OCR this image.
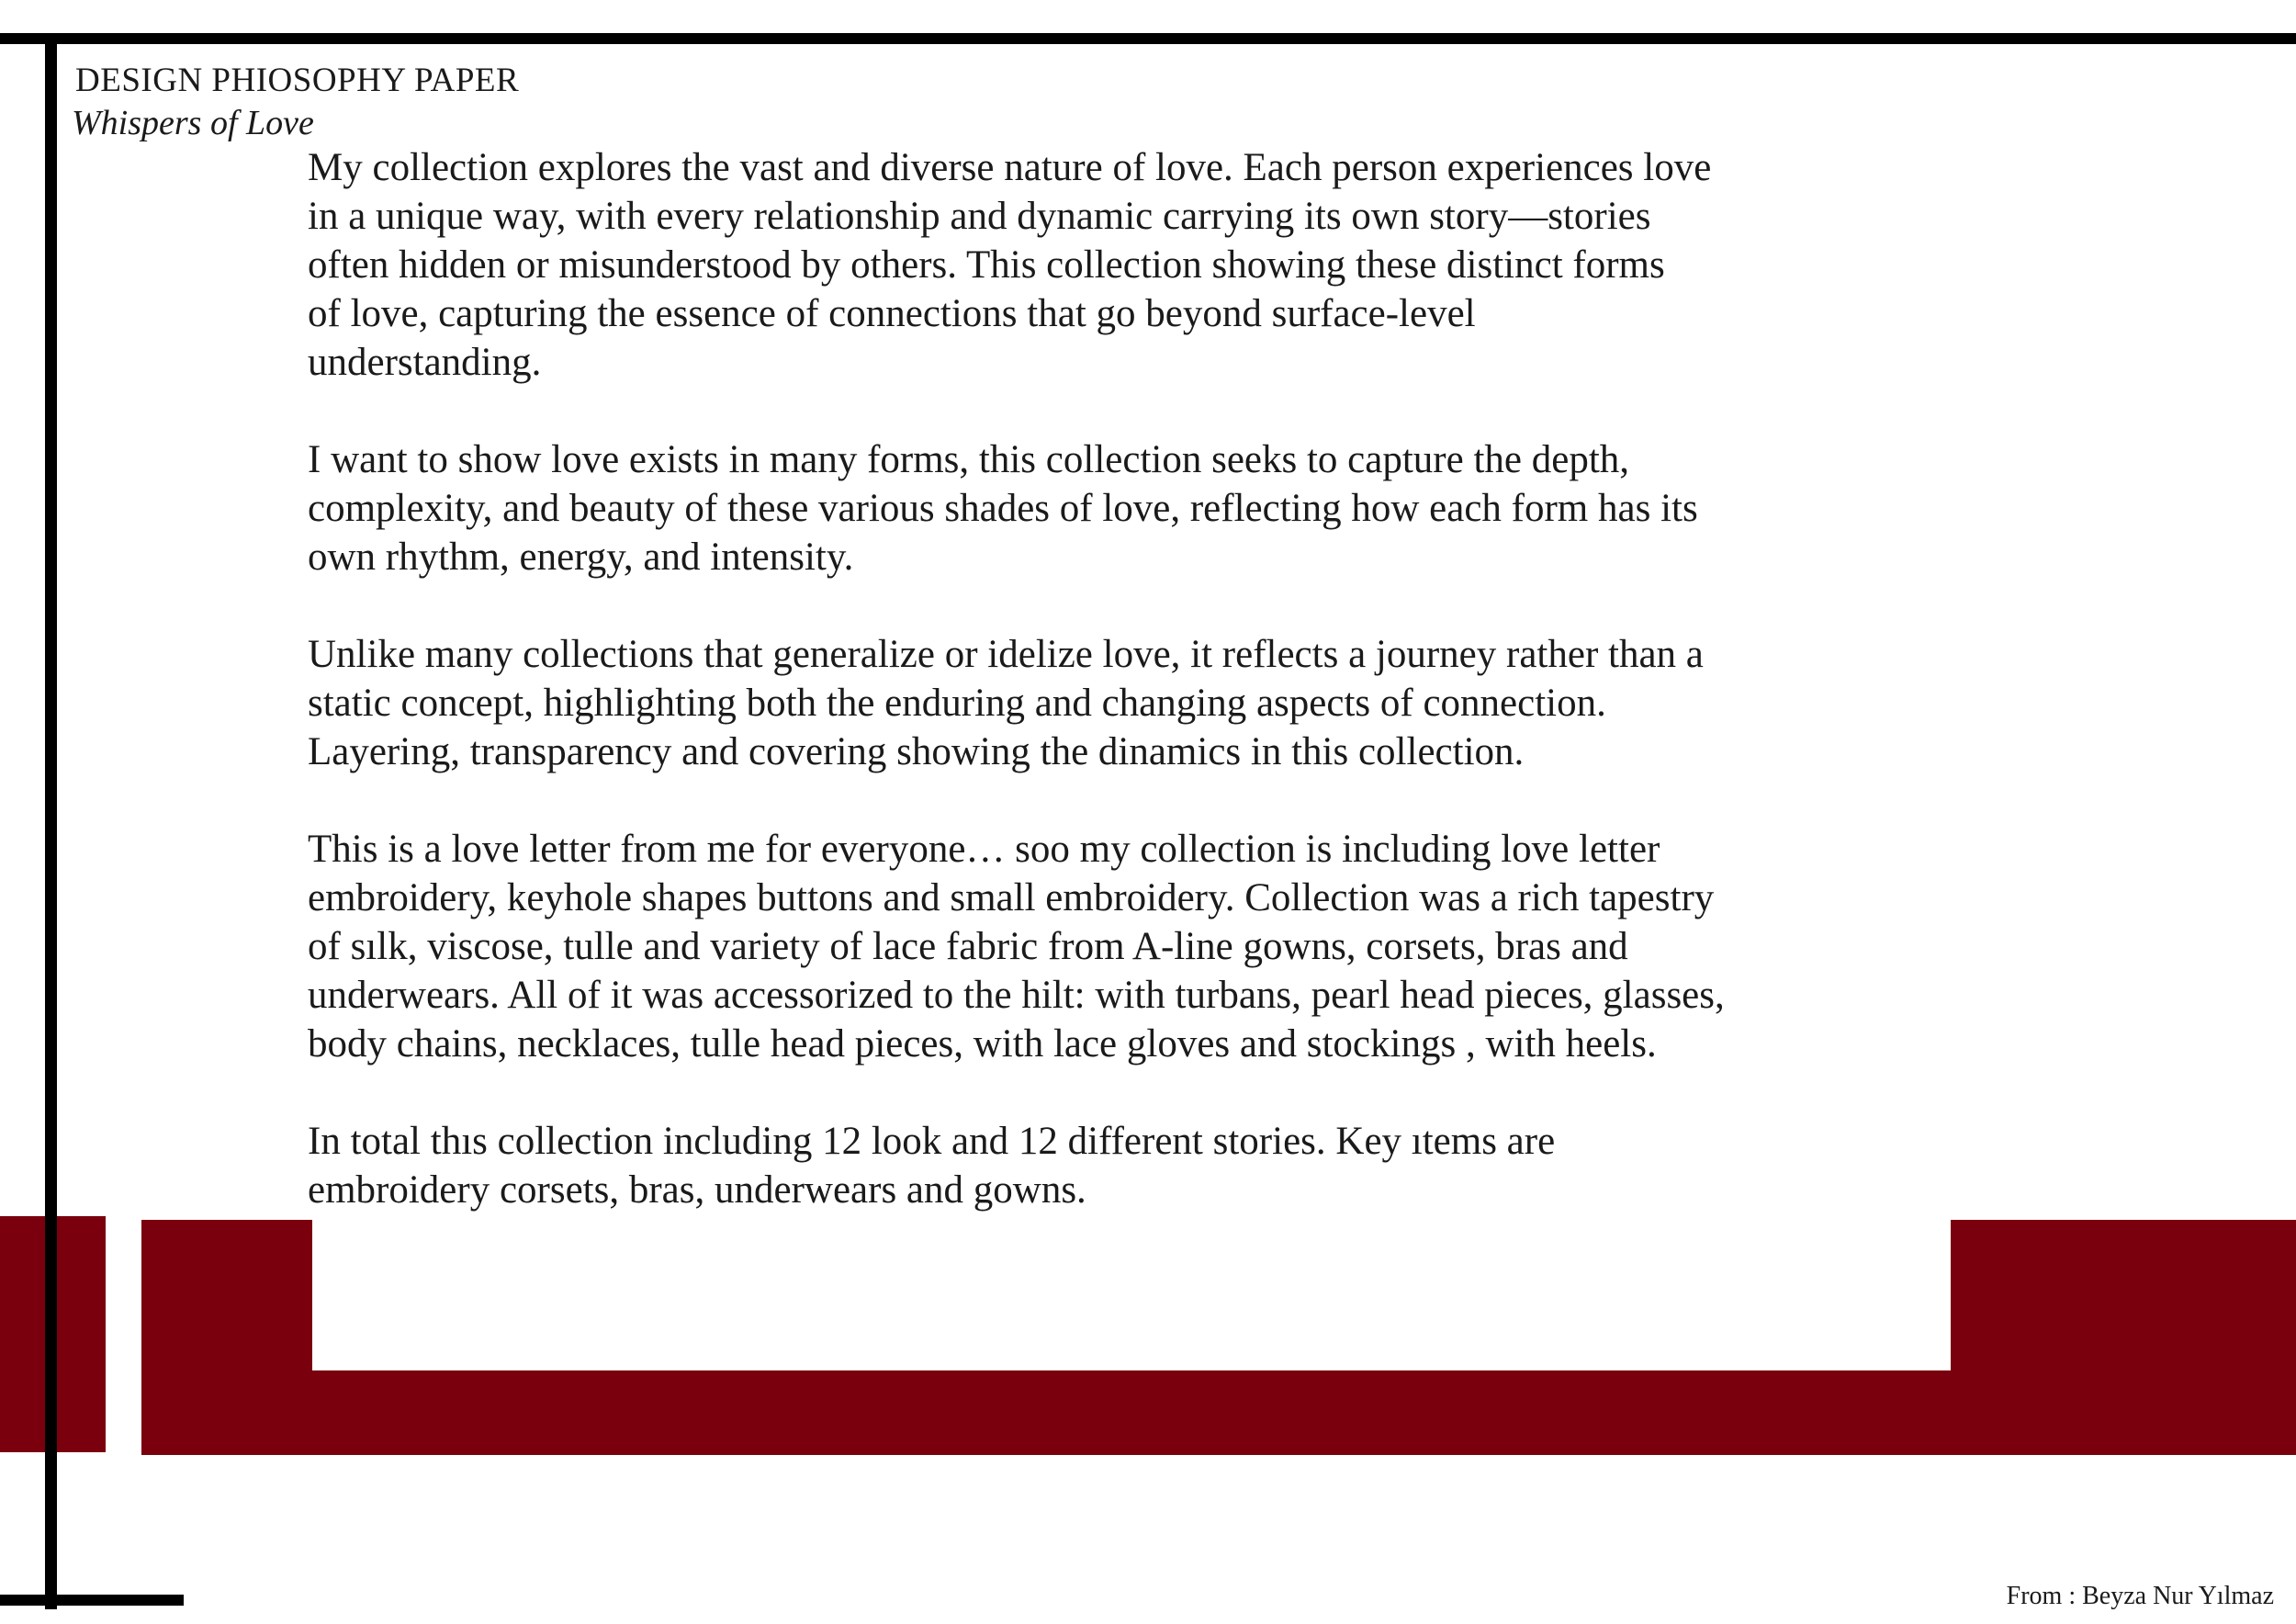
DESIGN PHIOSOPHY PAPER
Whispers of Love

My collection explores the vast and diverse nature of love. Each person experiences love
in a unique way, with every relationship and dynamic carrying its own story—stories
often hidden or misunderstood by others. This collection showing these distinct forms
of love, capturing the essence of connections that go beyond surface-level
understanding.

I want to show love exists in many forms, this collection seeks to capture the depth,
complexity, and beauty of these various shades of love, reflecting how each form has its
own rhythm, energy, and intensity.

Unlike many collections that generalize or idelize love, it reflects a journey rather than a
static concept, highlighting both the enduring and changing aspects of connection.
Layering, transparency and covering showing the dinamics in this collection.

This is a love letter from me for everyone… soo my collection is including love letter
embroidery, keyhole shapes buttons and small embroidery. Collection was a rich tapestry
of sılk, viscose, tulle and variety of lace fabric from A-line gowns, corsets, bras and
underwears. All of it was accessorized to the hilt: with turbans, pearl head pieces, glasses,
body chains, necklaces, tulle head pieces, with lace gloves and stockings , with heels.

In total thıs collection including 12 look and 12 different stories. Key ıtems are
embroidery corsets, bras, underwears and gowns.

From : Beyza Nur Yılmaz
